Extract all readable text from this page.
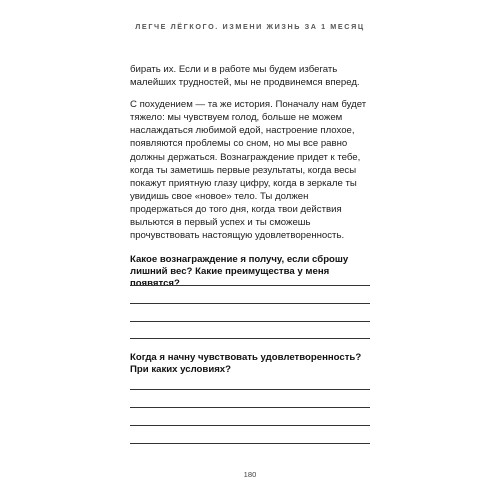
ЛЕГЧЕ ЛЁГКОГО. ИЗМЕНИ ЖИЗНЬ ЗА 1 МЕСЯЦ

бирать их. Если и в работе мы будем избегать малейших трудностей, мы не продвинемся вперед.

С похудением — та же история. Поначалу нам будет тяжело: мы чувствуем голод, больше не можем наслаждаться любимой едой, настроение плохое, появляются проблемы со сном, но мы все равно должны держаться. Вознаграждение придет к тебе, когда ты заметишь первые результаты, когда весы покажут приятную глазу цифру, когда в зеркале ты увидишь свое «новое» тело. Ты должен продержаться до того дня, когда твои действия выльются в первый успех и ты сможешь прочувствовать настоящую удовлетворенность.

Какое вознаграждение я получу, если сброшу лишний вес? Какие преимущества у меня появятся?
Когда я начну чувствовать удовлетворенность? При каких условиях?
180
